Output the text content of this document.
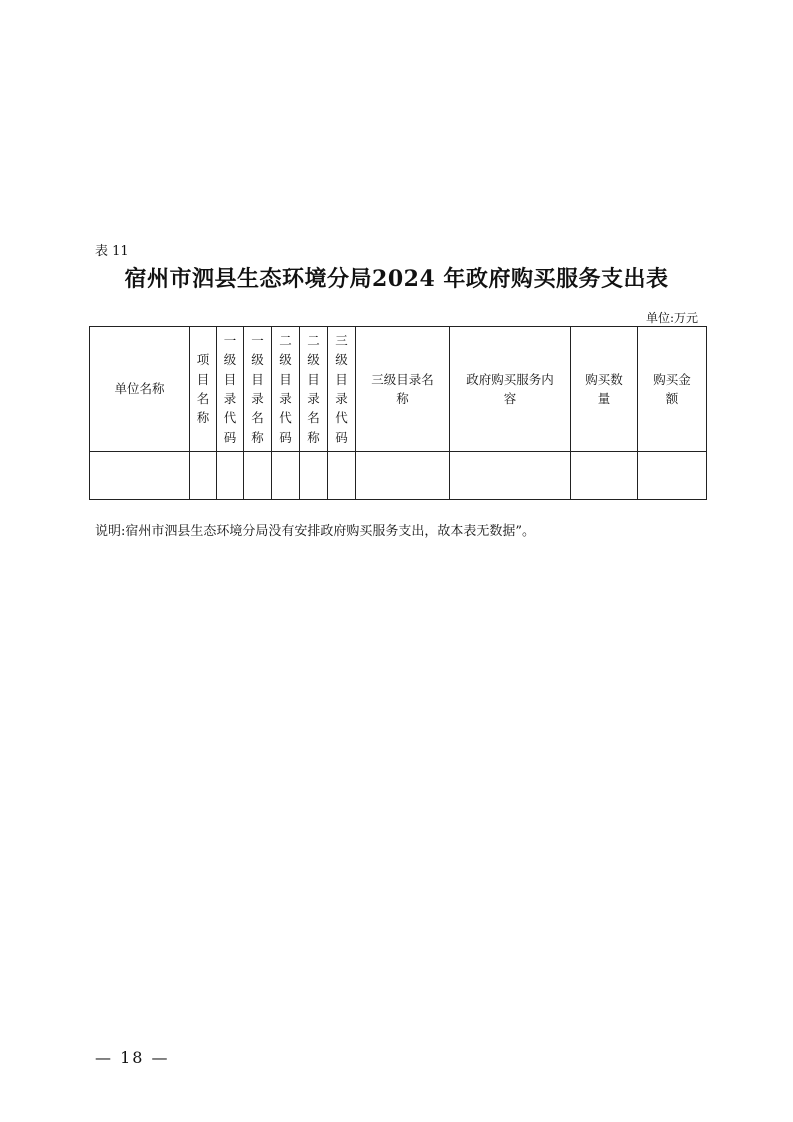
表 11
宿州市泗县生态环境分局2024 年政府购买服务支出表
单位:万元
单位名称	项目名称	一级目录代码	一级目录名称	二级目录代码	二级目录名称	三级目录代码	三级目录名称	政府购买服务内容	购买数量	购买金额

说明:宿州市泗县生态环境分局没有安排政府购买服务支出，故本表无数据”。
— 18 —
